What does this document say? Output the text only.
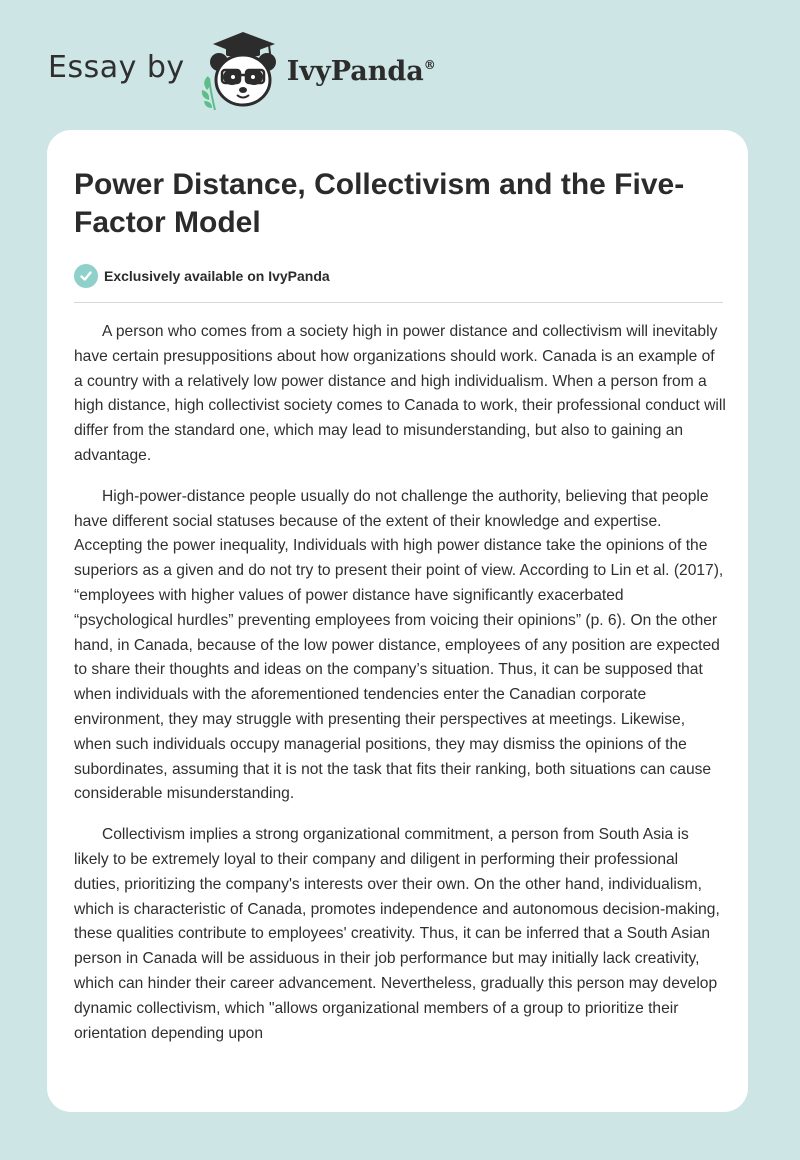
Essay by	IvyPanda®
Power Distance, Collectivism and the Five-Factor Model
Exclusively available on IvyPanda

A person who comes from a society high in power distance and collectivism will inevitably have certain presuppositions about how organizations should work. Canada is an example of a country with a relatively low power distance and high individualism. When a person from a high distance, high collectivist society comes to Canada to work, their professional conduct will differ from the standard one, which may lead to misunderstanding, but also to gaining an advantage.

High-power-distance people usually do not challenge the authority, believing that people have different social statuses because of the extent of their knowledge and expertise. Accepting the power inequality, Individuals with high power distance take the opinions of the superiors as a given and do not try to present their point of view. According to Lin et al. (2017), “employees with higher values of power distance have significantly exacerbated “psychological hurdles” preventing employees from voicing their opinions” (p. 6). On the other hand, in Canada, because of the low power distance, employees of any position are expected to share their thoughts and ideas on the company’s situation. Thus, it can be supposed that when individuals with the aforementioned tendencies enter the Canadian corporate environment, they may struggle with presenting their perspectives at meetings. Likewise, when such individuals occupy managerial positions, they may dismiss the opinions of the subordinates, assuming that it is not the task that fits their ranking, both situations can cause considerable misunderstanding.

Collectivism implies a strong organizational commitment, a person from South Asia is likely to be extremely loyal to their company and diligent in performing their professional duties, prioritizing the company's interests over their own. On the other hand, individualism, which is characteristic of Canada, promotes independence and autonomous decision-making, these qualities contribute to employees' creativity. Thus, it can be inferred that a South Asian person in Canada will be assiduous in their job performance but may initially lack creativity, which can hinder their career advancement. Nevertheless, gradually this person may develop dynamic collectivism, which "allows organizational members of a group to prioritize their orientation depending upon
